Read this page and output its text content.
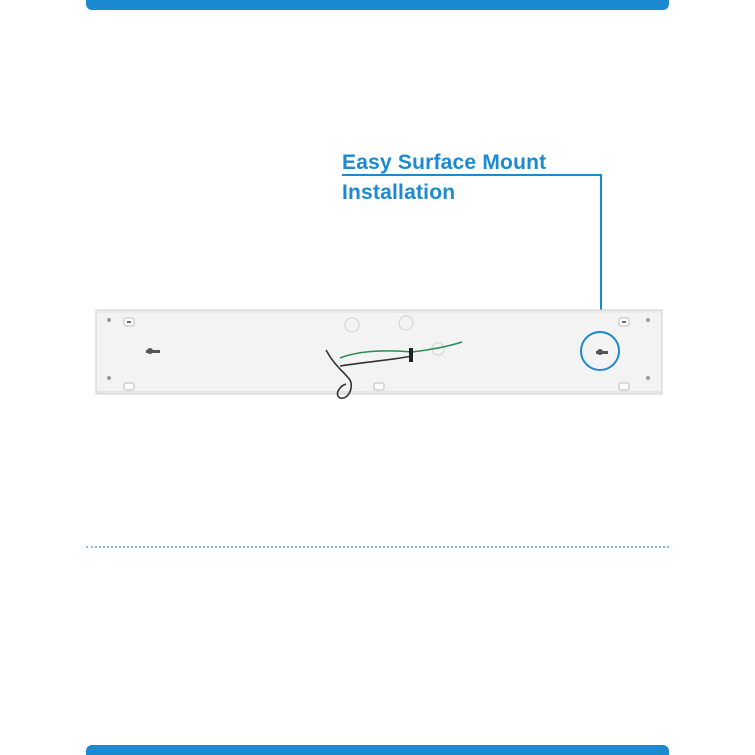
Easy Surface Mount
Installation
